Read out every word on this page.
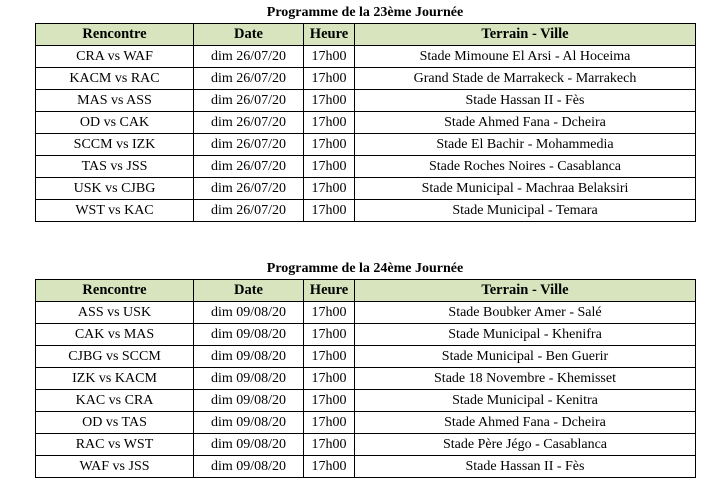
Programme de la 23ème Journée
Rencontre	Date	Heure	Terrain - Ville
CRA vs WAF	dim 26/07/20	17h00	Stade Mimoune El Arsi - Al Hoceima
KACM vs RAC	dim 26/07/20	17h00	Grand Stade de Marrakeck - Marrakech
MAS vs ASS	dim 26/07/20	17h00	Stade Hassan II - Fès
OD vs CAK	dim 26/07/20	17h00	Stade Ahmed Fana - Dcheira
SCCM vs IZK	dim 26/07/20	17h00	Stade El Bachir - Mohammedia
TAS vs JSS	dim 26/07/20	17h00	Stade Roches Noires - Casablanca
USK vs CJBG	dim 26/07/20	17h00	Stade Municipal - Machraa Belaksiri
WST vs KAC	dim 26/07/20	17h00	Stade Municipal - Temara
Programme de la 24ème Journée
Rencontre	Date	Heure	Terrain - Ville
ASS vs USK	dim 09/08/20	17h00	Stade Boubker Amer - Salé
CAK vs MAS	dim 09/08/20	17h00	Stade Municipal - Khenifra
CJBG vs SCCM	dim 09/08/20	17h00	Stade Municipal - Ben Guerir
IZK vs KACM	dim 09/08/20	17h00	Stade 18 Novembre - Khemisset
KAC vs CRA	dim 09/08/20	17h00	Stade Municipal - Kenitra
OD vs TAS	dim 09/08/20	17h00	Stade Ahmed Fana - Dcheira
RAC vs WST	dim 09/08/20	17h00	Stade Père Jégo - Casablanca
WAF vs JSS	dim 09/08/20	17h00	Stade Hassan II - Fès
